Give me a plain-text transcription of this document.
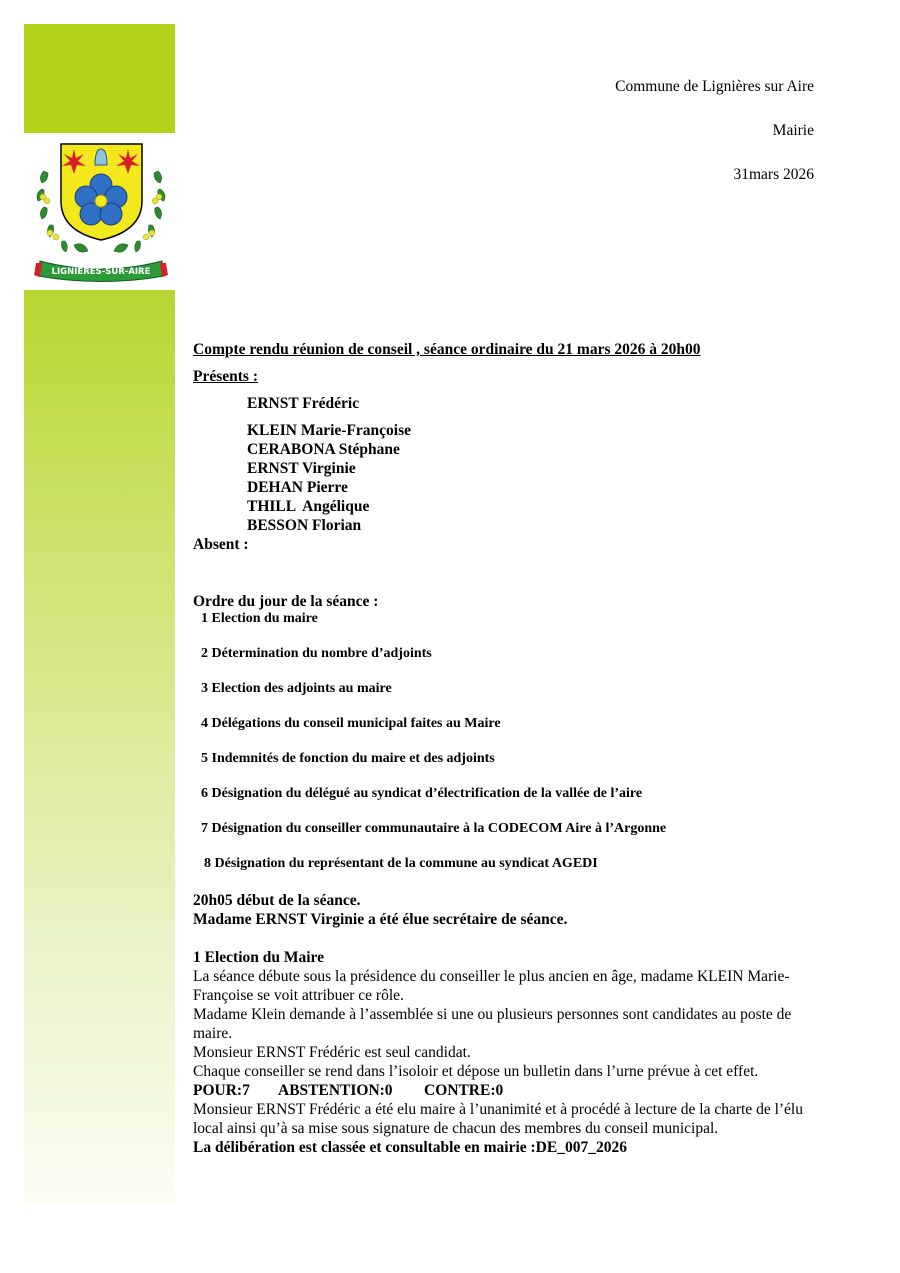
LIGNIÈRES-SUR-AIRE
Commune de Lignières sur Aire
Mairie
31mars 2026
Compte rendu réunion de conseil , séance ordinaire du 21 mars 2026 à 20h00
Présents :
ERNST Frédéric
KLEIN Marie-Françoise
CERABONA Stéphane
ERNST Virginie
DEHAN Pierre
THILL  Angélique
BESSON Florian
Absent :
Ordre du jour de la séance :
1 Election du maire
2 Détermination du nombre d’adjoints
3 Election des adjoints au maire
4 Délégations du conseil municipal faites au Maire
5 Indemnités de fonction du maire et des adjoints
6 Désignation du délégué au syndicat d’électrification de la vallée de l’aire
7 Désignation du conseiller communautaire à la CODECOM Aire à l’Argonne
8 Désignation du représentant de la commune au syndicat AGEDI
20h05 début de la séance.
Madame ERNST Virginie a été élue secrétaire de séance.
1 Election du Maire
La séance débute sous la présidence du conseiller le plus ancien en âge, madame KLEIN Marie-Françoise se voit attribuer ce rôle.
Madame Klein demande à l’assemblée si une ou plusieurs personnes sont candidates au poste de maire.
Monsieur ERNST Frédéric est seul candidat.
Chaque conseiller se rend dans l’isoloir et dépose un bulletin dans l’urne prévue à cet effet.
POUR:7 ABSTENTION:0 CONTRE:0
Monsieur ERNST Frédéric a été elu maire à l’unanimité et à procédé à lecture de la charte de l’élu local ainsi qu’à sa mise sous signature de chacun des membres du conseil municipal.
La délibération est classée et consultable en mairie :DE_007_2026
